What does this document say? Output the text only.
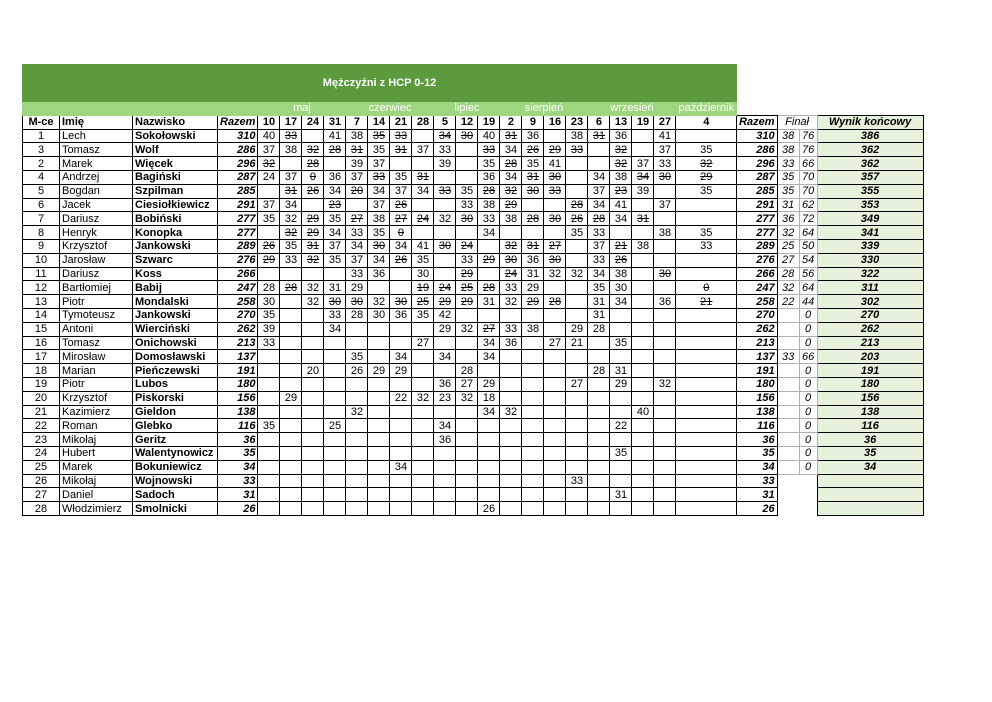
Mężczyźni z HCP 0-12																											
				maj				czerwiec				lipiec			sierpień				wrzesień				październik				
M-ce	Imię	Nazwisko	Razem	10	17	24	31	7	14	21	28	5	12	19	2	9	16	23	6	13	19	27	4	Razem	Finał		Wynik końcowy
1	Lech	Sokołowski	310	40	33		41	38	35	33		34	30	40	31	36		38	31	36		41		310	38	76	386
3	Tomasz	Wolf	286	37	38	32	28	31	35	31	37	33		33	34	26	29	33		32		37	35	286	38	76	362
2	Marek	Więcek	296	32		28		39	37			39		35	28	35	41			32	37	33	32	296	33	66	362
4	Andrzej	Bagiński	287	24	37	0	36	37	33	35	31			36	34	31	30		34	38	34	30	29	287	35	70	357
5	Bogdan	Szpilman	285		31	26	34	20	34	37	34	33	35	28	32	30	33		37	23	39		35	285	35	70	355
6	Jacek	Ciesiołkiewicz	291	37	34		23		37	26			33	38	29			28	34	41		37		291	31	62	353
7	Dariusz	Bobiński	277	35	32	29	35	27	38	27	24	32	30	33	38	28	30	26	28	34	31			277	36	72	349
8	Henryk	Konopka	277		32	29	34	33	35	0				34				35	33			38	35	277	32	64	341
9	Krzysztof	Jankowski	289	26	35	31	37	34	30	34	41	30	24		32	31	27		37	21	38		33	289	25	50	339
10	Jarosław	Szwarc	276	29	33	32	35	37	34	26	35		33	29	30	36	30		33	26				276	27	54	330
11	Dariusz	Koss	266					33	36		30		29		24	31	32	32	34	38		30		266	28	56	322
12	Bartłomiej	Babij	247	28	28	32	31	29			19	24	25	28	33	29			35	30			0	247	32	64	311
13	Piotr	Mondalski	258	30		32	30	30	32	30	25	29	29	31	32	29	28		31	34		36	21	258	22	44	302
14	Tymoteusz	Jankowski	270	35			33	28	30	36	35	42							31					270		0	270
15	Antoni	Wierciński	262	39			34					29	32	27	33	38		29	28					262		0	262
16	Tomasz	Onichowski	213	33							27			34	36		27	21		35				213		0	213
17	Mirosław	Domosławski	137					35		34		34		34										137	33	66	203
18	Marian	Pieńczewski	191			20		26	29	29			28						28	31				191		0	191
19	Piotr	Lubos	180									36	27	29				27		29		32		180		0	180
20	Krzysztof	Piskorski	156		29					22	32	23	32	18										156		0	156
21	Kazimierz	Gieldon	138					32						34	32						40			138		0	138
22	Roman	Glebko	116	35			25					34								22				116		0	116
23	Mikołaj	Geritz	36									36												36		0	36
24	Hubert	Walentynowicz	35																	35				35		0	35
25	Marek	Bokuniewicz	34							34														34		0	34
26	Mikołaj	Wojnowski	33															33						33			
27	Daniel	Sadoch	31																	31				31			
28	Włodzimierz	Smolnicki	26											26										26			
